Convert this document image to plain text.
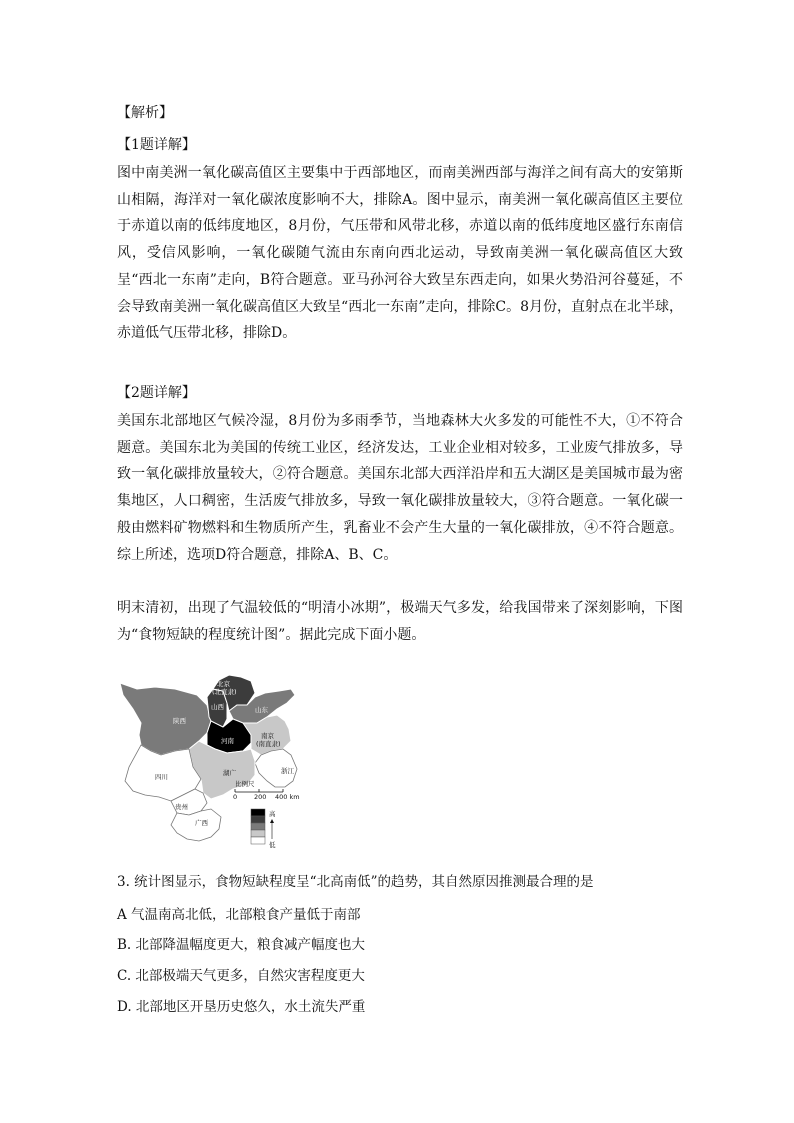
【解析】
【1题详解】
图中南美洲一氧化碳高值区主要集中于西部地区，而南美洲西部与海洋之间有高大的安第斯山相隔，海洋对一氧化碳浓度影响不大，排除A。图中显示，南美洲一氧化碳高值区主要位于赤道以南的低纬度地区，8月份，气压带和风带北移，赤道以南的低纬度地区盛行东南信风，受信风影响，一氧化碳随气流由东南向西北运动，导致南美洲一氧化碳高值区大致呈“西北一东南”走向，B符合题意。亚马孙河谷大致呈东西走向，如果火势沿河谷蔓延，不会导致南美洲一氧化碳高值区大致呈“西北一东南”走向，排除C。8月份，直射点在北半球，赤道低气压带北移，排除D。
【2题详解】
美国东北部地区气候冷湿，8月份为多雨季节，当地森林大火多发的可能性不大，①不符合题意。美国东北为美国的传统工业区，经济发达，工业企业相对较多，工业废气排放多，导致一氧化碳排放量较大，②符合题意。美国东北部大西洋沿岸和五大湖区是美国城市最为密集地区，人口稠密，生活废气排放多，导致一氧化碳排放量较大，③符合题意。一氧化碳一般由燃料矿物燃料和生物质所产生，乳畜业不会产生大量的一氧化碳排放，④不符合题意。综上所述，选项D符合题意，排除A、B、C。
明末清初，出现了气温较低的“明清小冰期”，极端天气多发，给我国带来了深刻影响，下图为“食物短缺的程度统计图”。据此完成下面小题。
北京
(北直隶)
山西	山东
陕西
河南
南京
(南直隶)
浙江
湖广
四川
贵州
广西
比例尺
0	200 400 km
高
低
3. 统计图显示，食物短缺程度呈“北高南低”的趋势，其自然原因推测最合理的是
A 气温南高北低，北部粮食产量低于南部
B. 北部降温幅度更大，粮食减产幅度也大
C. 北部极端天气更多，自然灾害程度更大
D. 北部地区开垦历史悠久，水土流失严重
